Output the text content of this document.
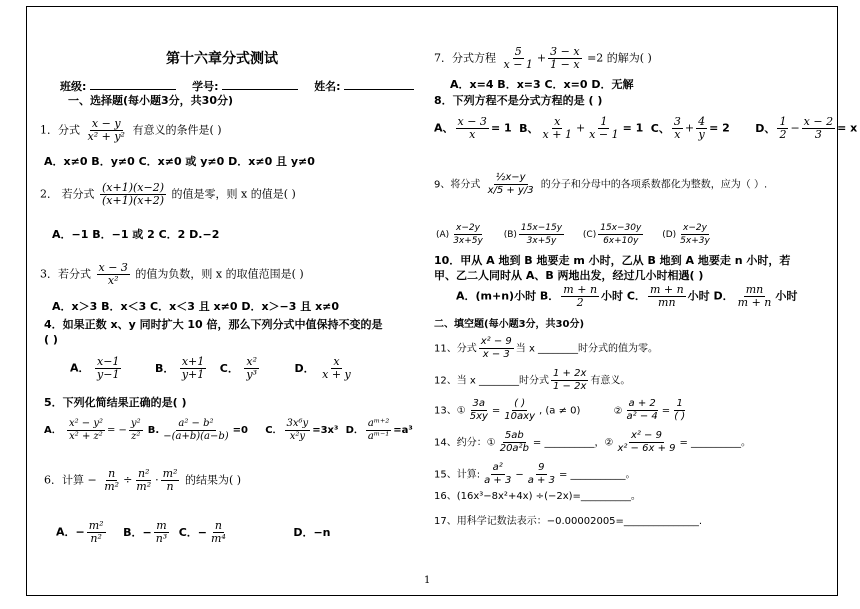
第十六章分式测试
班级:	学号:	姓名:
一、选择题(每小题3分，共30分)
1．分式 $\frac{x - y}{\text{x² + y²}}$ 有意义的条件是( )
A．x≠0 B．y≠0 C．x≠0 或 y≠0 D．x≠0 且 y≠0
2． 若分式 $\frac{(x+1)(x-2)}{(x+1)(x+2)}$ 的值是零，则 x 的值是( )
A．−1 B．−1 或 2 C．2 D.−2
3．若分式 $\frac{x - 3}{\text{x²}}$ 的值为负数，则 x 的取值范围是( )
A．x＞3 B．x＜3 C．x＜3 且 x≠0 D．x＞−3 且 x≠0
4．如果正数 x、y 同时扩大 10 倍，那么下列分式中值保持不变的是
( )
A． $\frac{x-1}{y-1}$	B． $\frac{x+1}{y+1}$ C． $\frac{\text{x²}}{\text{y³}}$	D． $\frac{x}{x + y}$
5．下列化简结果正确的是( )
A． $\frac{\text{x² − y²}}{\text{x² + z²}}$ = − $\frac{\text{y²}}{\text{z²}} B$. $\frac{\text{a² − b²}}{-(a+b)(a-b)} =0$ C． $\frac{\text{3x⁶y}}{\text{x²y}} =3x^3$ D． $\frac{\text{aᵐ⁺²}}{\text{aᵐ⁻¹}} =a^3$
6．计算 − $\frac{n}{\text{m²}} \div \frac{\text{n²}}{\text{m²}} \cdot \frac{\text{m²}}{n}$ 的结果为( )
A．− $\frac{\text{m²}}{\text{n²}}$ B．− $\frac{m}{\text{n³}}$ C．− $\frac{n}{\text{m⁴}}$	D．−n
7．分式方程 $\frac{5}{x - 1} + \frac{3 - x}{1 - x} =2$ 的解为( )
A．x=4 B．x=3 C．x=0 D．无解
8．下列方程不是分式方程的是 ( )
A、 $\frac{x - 3}{x} = 1$ B、 $\frac{x}{x + 1} + \frac{1}{x - 1} = 1$ C、 $\frac{3}{x} + \frac{4}{y} = 2$ D、 $\frac{1}{2} - \frac{x - 2}{3} = x$
9、将分式 $\frac{\text{½x−y}}{x/5 + y/3}$ 的分子和分母中的各项系数都化为整数，应为（ ）.
$(A) \frac{x-2y}{3x+5y} (B) \frac{15x-15y}{3x+5y} (C) \frac{15x-30y}{6x+10y} (D) \frac{x-2y}{5x+3y}$
10．甲从 A 地到 B 地要走 m 小时，乙从 B 地到 A 地要走 n 小时，若
甲、乙二人同时从 A、B 两地出发，经过几小时相遇( )
A．(m+n)小时 B． $\frac{m + n}{2}$ 小时 C． $\frac{m + n}{mn}$ 小时 D． $\frac{mn}{m + n}$ 小时
二、填空题(每小题3分，共30分)
11、分式 $\frac{\text{x² − 9}}{x - 3}$ 当 x ________时分式的值为零。
12、当 x ________时分式 $\frac{1 + 2x}{1 - 2x}$ 有意义。
13、① $\frac{3a}{5xy} = \frac{( )}{\text{10axy}}$ , (a ≠ 0)	② $\frac{a + 2}{\text{a² − 4}} = \frac{1}{( )}$
14、约分：① $\frac{5ab}{\text{20a²b}}$ = __________，② $\frac{\text{x² − 9}}{\text{x² − 6x + 9}}$ = __________。
15、计算: $\frac{\text{a²}}{a + 3} - \frac{9}{a + 3}$ = ___________。
16、(16x³−8x²+4x) ÷(−2x)=__________。
17、用科学记数法表示：−0.00002005=_______________.
1
